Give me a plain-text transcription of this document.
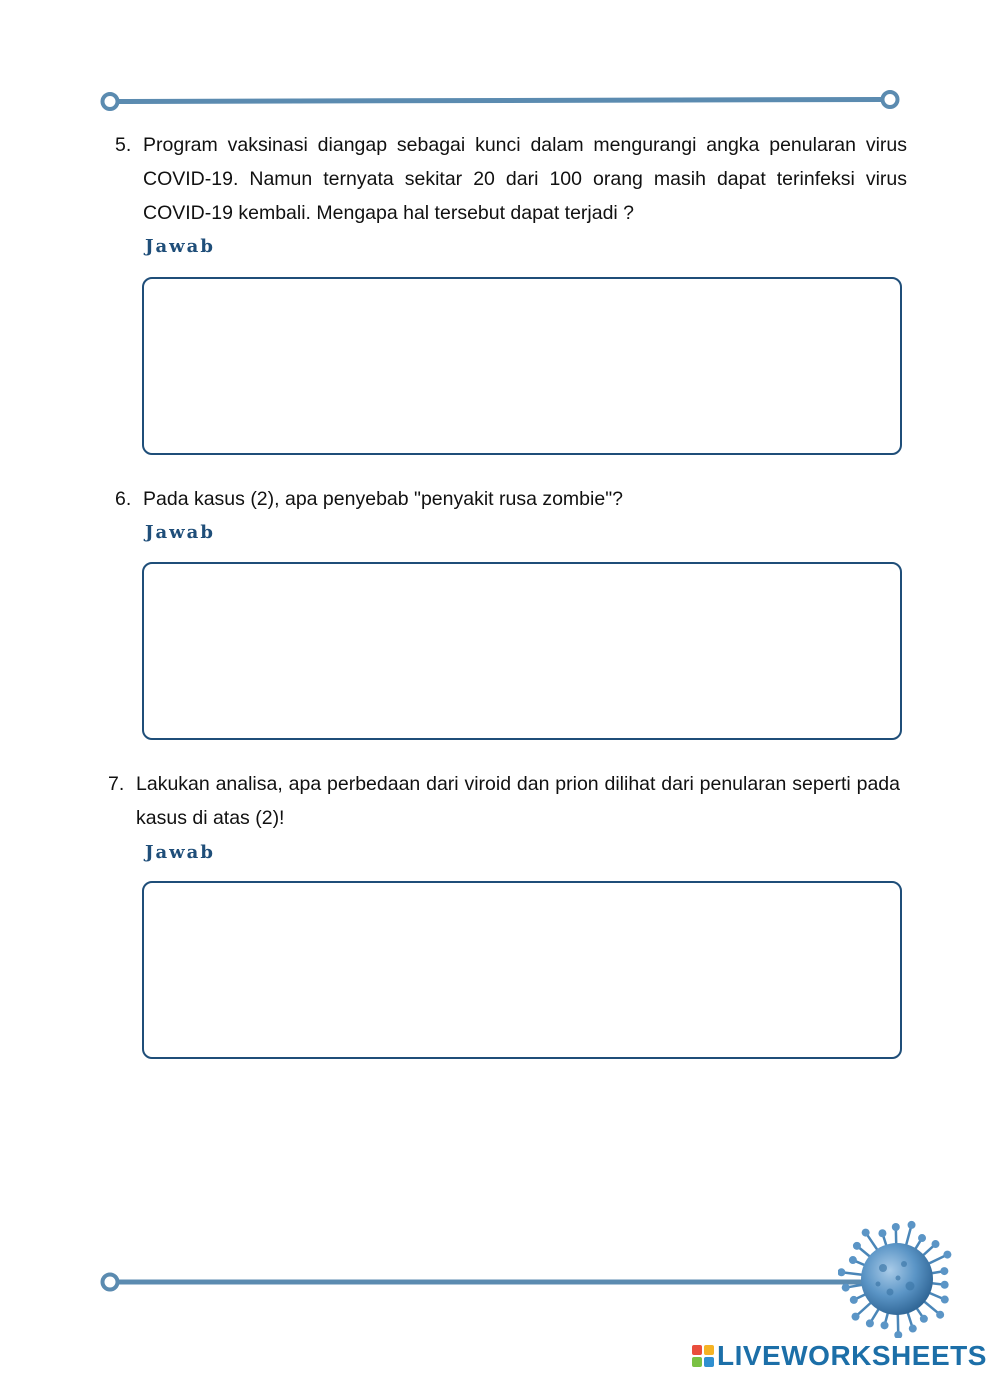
5. Program vaksinasi diangap sebagai kunci dalam mengurangi angka penularan virus COVID-19. Namun ternyata sekitar 20 dari 100 orang masih dapat terinfeksi virus COVID-19 kembali. Mengapa hal tersebut dapat terjadi ?
Jawab
6. Pada kasus (2), apa penyebab "penyakit rusa zombie"?
Jawab
7. Lakukan analisa, apa perbedaan dari viroid dan prion dilihat dari penularan seperti pada kasus di atas (2)!
Jawab
LIVEWORKSHEETS
